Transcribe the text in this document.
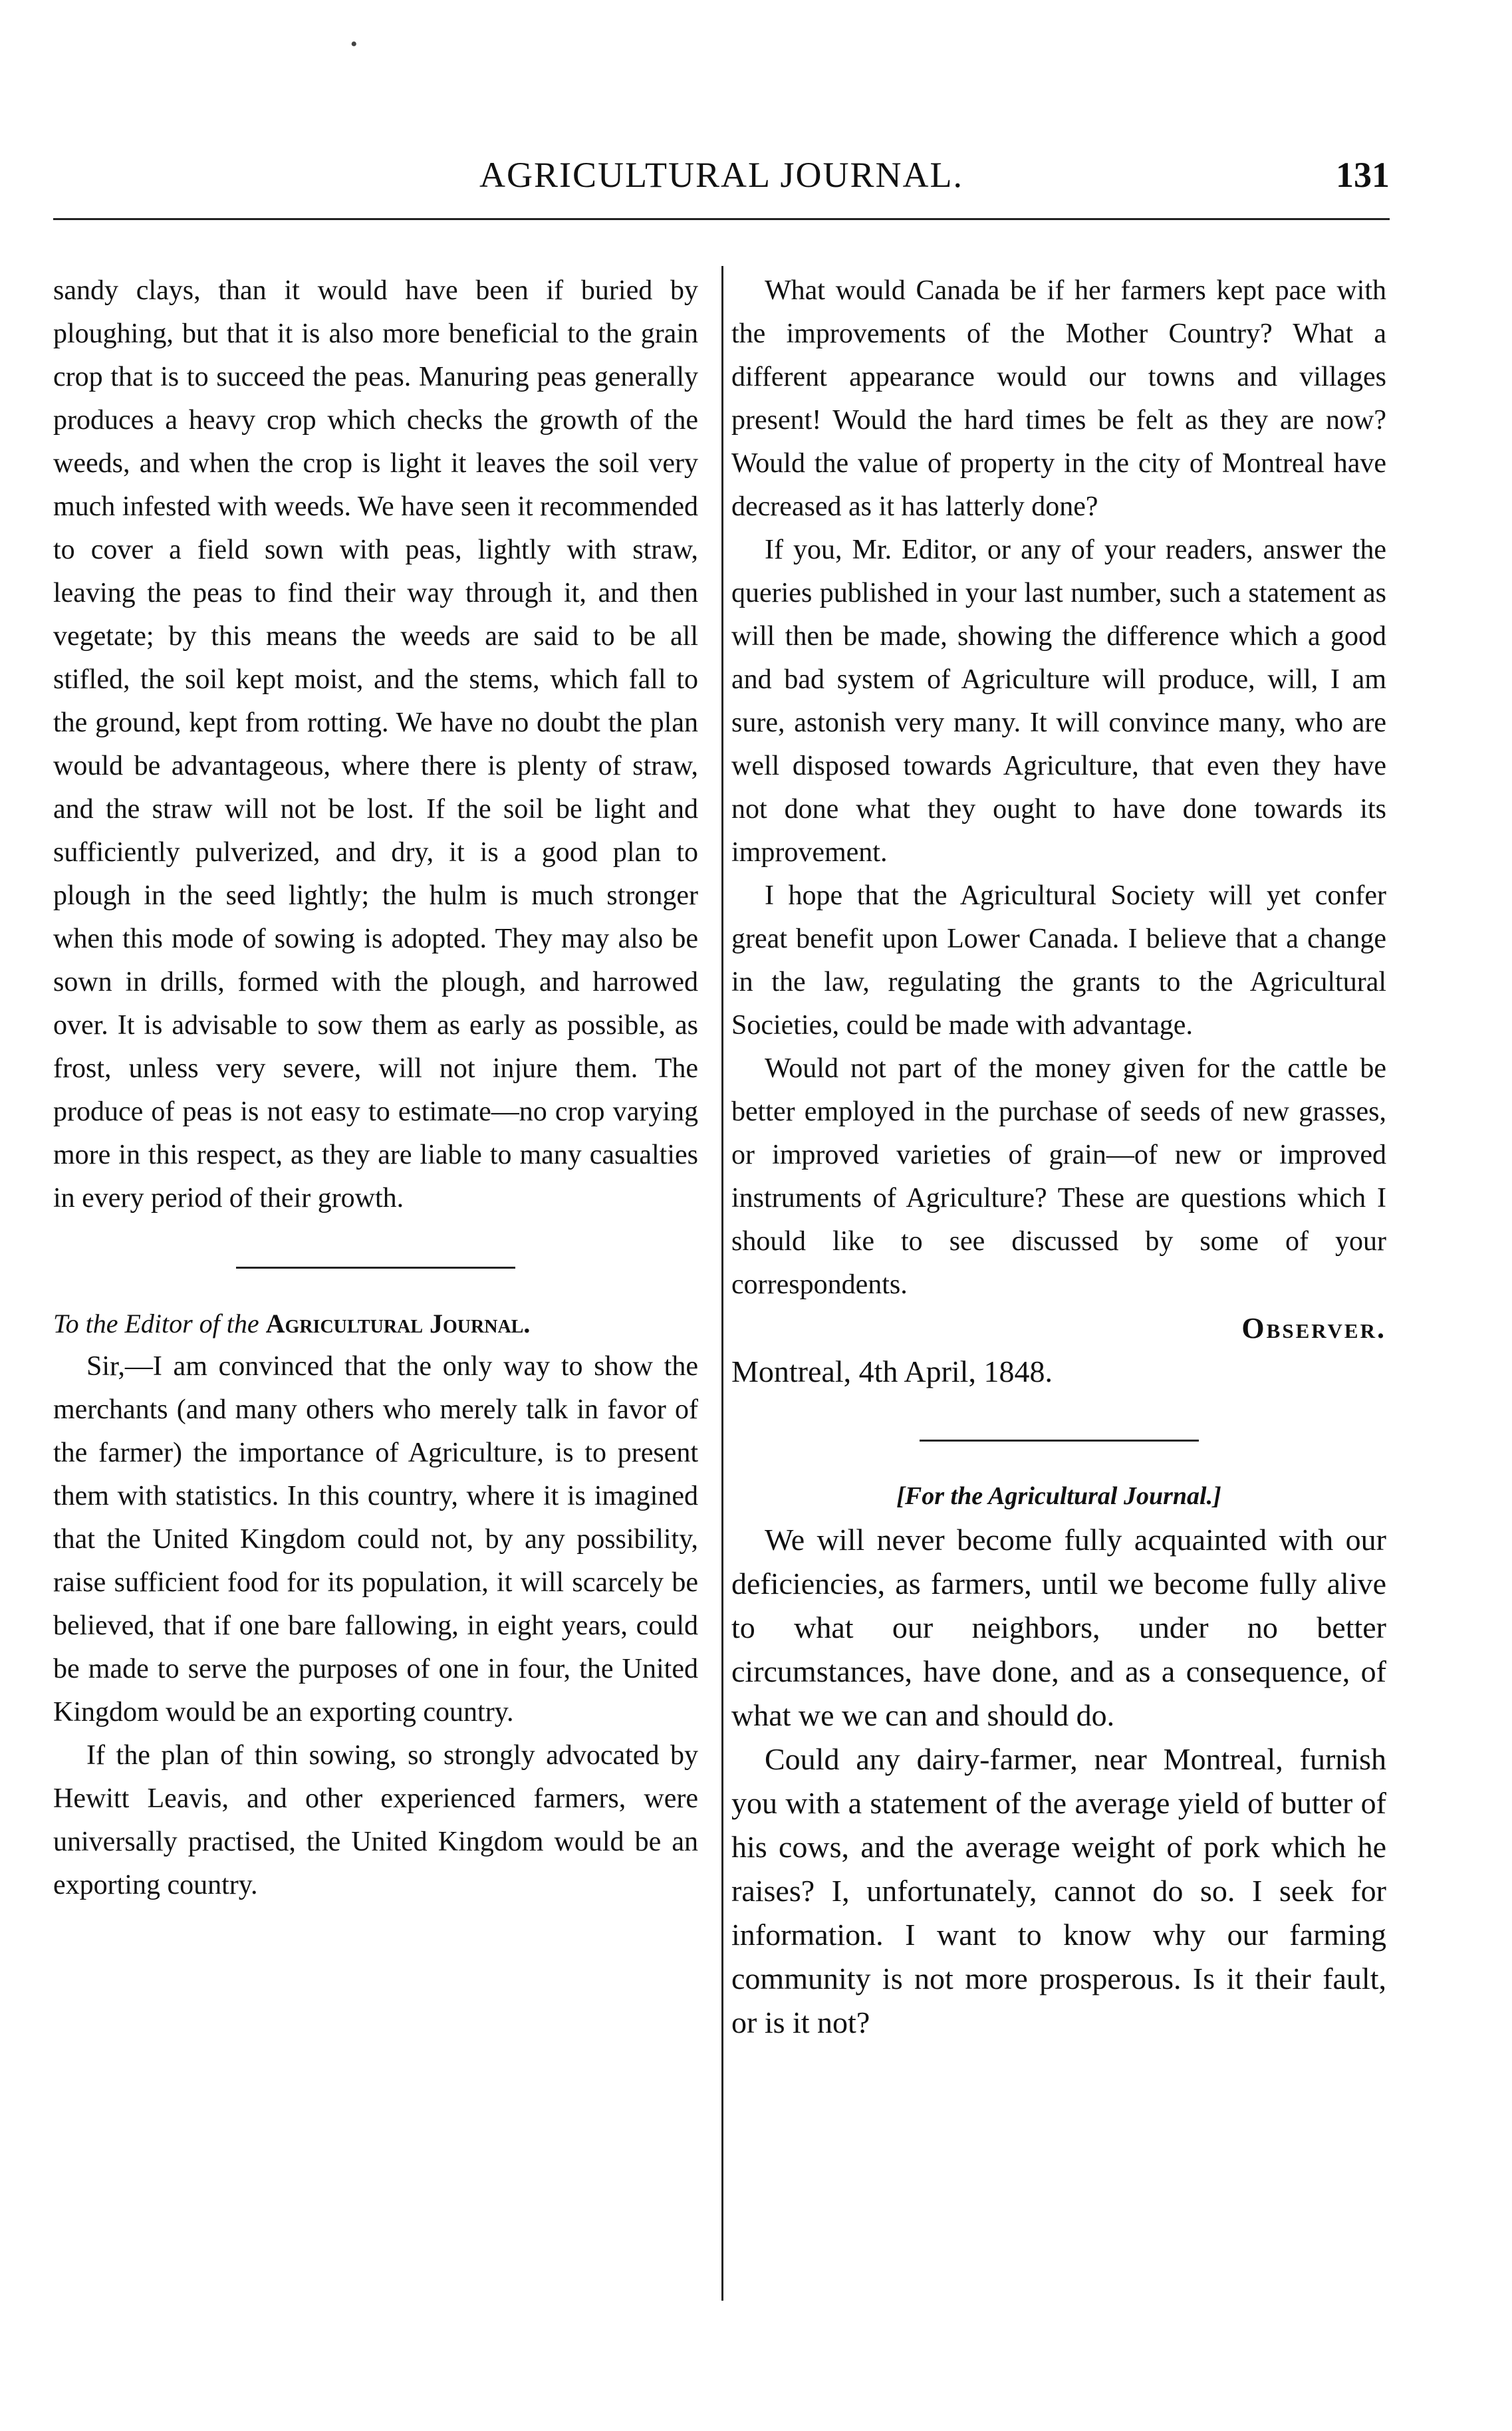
•
AGRICULTURAL JOURNAL.	131

sandy clays, than it would have been if buried by ploughing, but that it is also more beneficial to the grain crop that is to succeed the peas. Manuring peas generally produces a heavy crop which checks the growth of the weeds, and when the crop is light it leaves the soil very much infested with weeds. We have seen it recommended to cover a field sown with peas, lightly with straw, leaving the peas to find their way through it, and then vegetate; by this means the weeds are said to be all stifled, the soil kept moist, and the stems, which fall to the ground, kept from rotting. We have no doubt the plan would be advantageous, where there is plenty of straw, and the straw will not be lost. If the soil be light and sufficiently pulverized, and dry, it is a good plan to plough in the seed lightly; the hulm is much stronger when this mode of sowing is adopted. They may also be sown in drills, formed with the plough, and harrowed over. It is advisable to sow them as early as possible, as frost, unless very severe, will not injure them. The produce of peas is not easy to estimate—no crop varying more in this respect, as they are liable to many casualties in every period of their growth.

To the Editor of the Agricultural Journal.

Sir,—I am convinced that the only way to show the merchants (and many others who merely talk in favor of the farmer) the importance of Agriculture, is to present them with statistics. In this country, where it is imagined that the United Kingdom could not, by any possibility, raise sufficient food for its population, it will scarcely be believed, that if one bare fallowing, in eight years, could be made to serve the purposes of one in four, the United Kingdom would be an exporting country.

If the plan of thin sowing, so strongly advocated by Hewitt Leavis, and other experienced farmers, were universally practised, the United Kingdom would be an exporting country.

What would Canada be if her farmers kept pace with the improvements of the Mother Country? What a different appearance would our towns and villages present! Would the hard times be felt as they are now? Would the value of property in the city of Montreal have decreased as it has latterly done?

If you, Mr. Editor, or any of your readers, answer the queries published in your last number, such a statement as will then be made, showing the difference which a good and bad system of Agriculture will produce, will, I am sure, astonish very many. It will convince many, who are well disposed towards Agriculture, that even they have not done what they ought to have done towards its improvement.

I hope that the Agricultural Society will yet confer great benefit upon Lower Canada. I believe that a change in the law, regulating the grants to the Agricultural Societies, could be made with advantage.

Would not part of the money given for the cattle be better employed in the purchase of seeds of new grasses, or improved varieties of grain—of new or improved instruments of Agriculture? These are questions which I should like to see discussed by some of your correspondents.

Observer.

Montreal, 4th April, 1848.

[For the Agricultural Journal.]

We will never become fully acquainted with our deficiencies, as farmers, until we become fully alive to what our neighbors, under no better circumstances, have done, and as a consequence, of what we we can and should do.

Could any dairy-farmer, near Montreal, furnish you with a statement of the average yield of butter of his cows, and the average weight of pork which he raises? I, unfortunately, cannot do so. I seek for information. I want to know why our farming community is not more prosperous. Is it their fault, or is it not?
